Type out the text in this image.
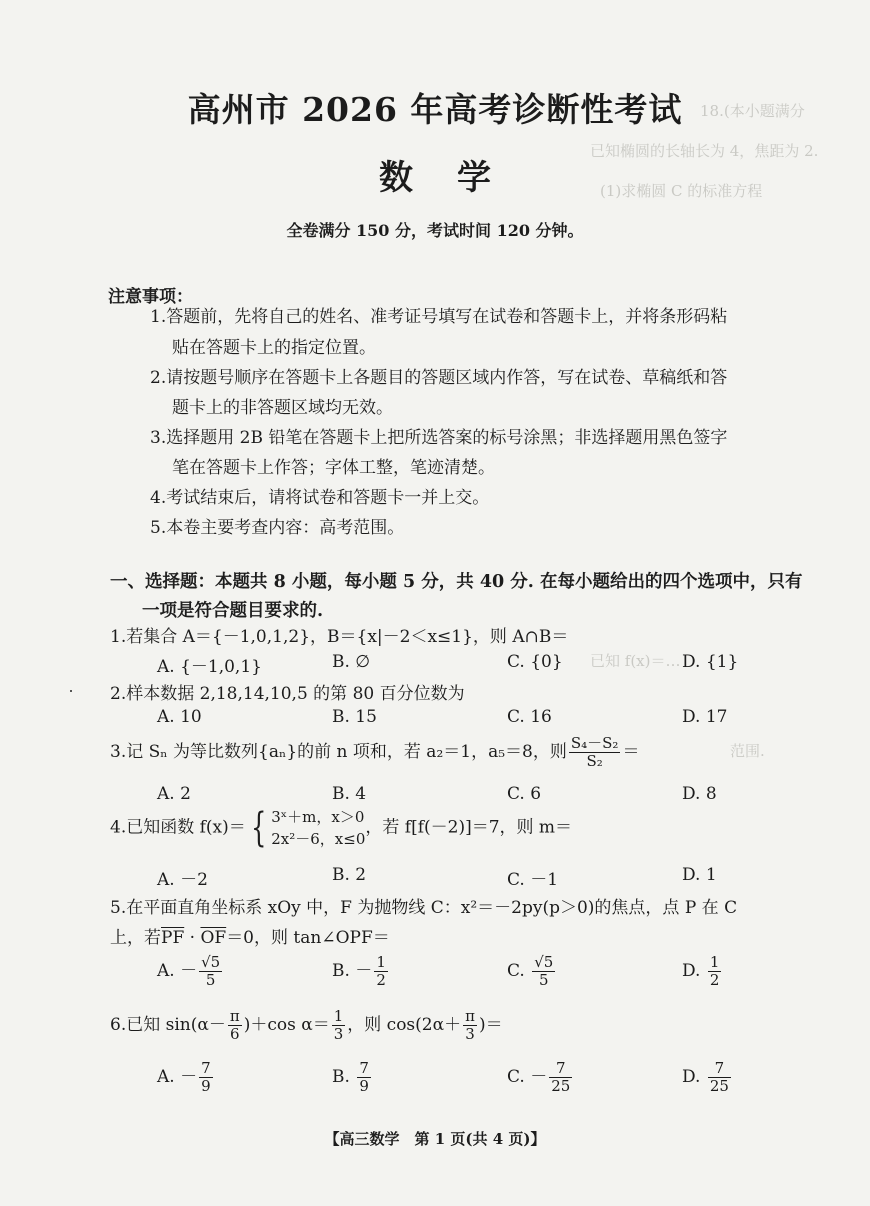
18.(本小题满分
已知椭圆的长轴长为 4，焦距为 2.
(1)求椭圆 C 的标准方程
已知 f(x)＝…
范围.
高州市 2026 年高考诊断性考试
数学
全卷满分 150 分，考试时间 120 分钟。
注意事项：
1.答题前，先将自己的姓名、准考证号填写在试卷和答题卡上，并将条形码粘
贴在答题卡上的指定位置。
2.请按题号顺序在答题卡上各题目的答题区域内作答，写在试卷、草稿纸和答
题卡上的非答题区域均无效。
3.选择题用 2B 铅笔在答题卡上把所选答案的标号涂黑；非选择题用黑色签字
笔在答题卡上作答；字体工整，笔迹清楚。
4.考试结束后，请将试卷和答题卡一并上交。
5.本卷主要考查内容：高考范围。
一、选择题：本题共 8 小题，每小题 5 分，共 40 分. 在每小题给出的四个选项中，只有
一项是符合题目要求的.
1.若集合 A＝{－1,0,1,2}，B＝{x|－2＜x≤1}，则 A∩B＝
A. {－1,0,1}	B. ∅	C. {0}	D. {1}
2.样本数据 2,18,14,10,5 的第 80 百分位数为
A. 10	B. 15	C. 16	D. 17
3.记 Sₙ 为等比数列{aₙ}的前 n 项和，若 a₂＝1，a₅＝8，则 $\frac{\text{S₄－S₂}}{\text{S₂}}$ ＝
A. 2	B. 4	C. 6	D. 8
4.已知函数 f(x)＝ { 3ˣ＋m，x＞0
2x²－6，x≤0
，若 f[f(－2)]＝7，则 m＝
A. －2	B. 2	C. －1	D. 1
5.在平面直角坐标系 xOy 中，F 为抛物线 C：x²＝－2py(p＞0)的焦点，点 P 在 C
上，若$\overline{PF} \cdot \overline{OF}=0$，则 tan∠OPF＝
A. － $\frac{√5}{5}$	B. － $\frac{1}{2}$	C. $\frac{√5}{5}$	D. $\frac{1}{2}$
6.已知 $\sin(\alpha- \frac{\pi}{6} )+\cos$ $\alpha= \frac{1}{3}$ ，则 $\cos(2\alpha+ \frac{\pi}{3}$ )＝
A. － $\frac{7}{9}$	B. $\frac{7}{9}$	C. － $\frac{7}{25}$	D. $\frac{7}{25}$
【高三数学　第 1 页(共 4 页)】
